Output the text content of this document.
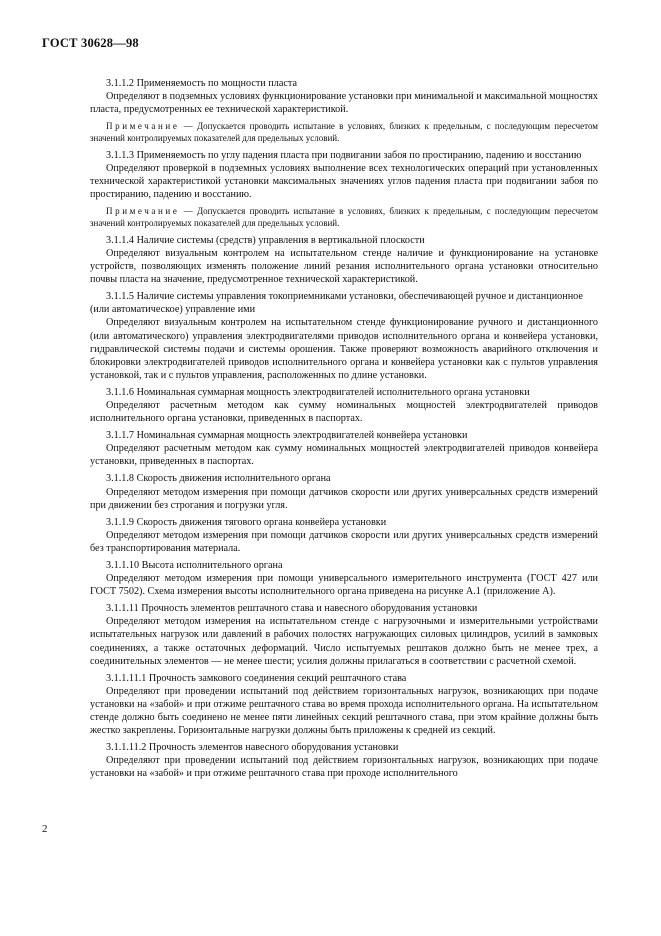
ГОСТ 30628—98

3.1.1.2 Применяемость по мощности пласта

Определяют в подземных условиях функционирование установки при минимальной и максимальной мощностях пласта, предусмотренных ее технической характеристикой.

Примечание — Допускается проводить испытание в условиях, близких к предельным, с последующим пересчетом значений контролируемых показателей для предельных условий.

3.1.1.3 Применяемость по углу падения пласта при подвигании забоя по простиранию, падению и восстанию

Определяют проверкой в подземных условиях выполнение всех технологических операций при установленных технической характеристикой установки максимальных значениях углов падения пласта при подвигании забоя по простиранию, падению и восстанию.

Примечание — Допускается проводить испытание в условиях, близких к предельным, с последующим пересчетом значений контролируемых показателей для предельных условий.

3.1.1.4 Наличие системы (средств) управления в вертикальной плоскости

Определяют визуальным контролем на испытательном стенде наличие и функционирование на установке устройств, позволяющих изменять положение линий резания исполнительного органа установки относительно почвы пласта на значение, предусмотренное технической характеристикой.

3.1.1.5 Наличие системы управления токоприемниками установки, обеспечивающей ручное и дистанционное (или автоматическое) управление ими

Определяют визуальным контролем на испытательном стенде функционирование ручного и дистанционного (или автоматического) управления электродвигателями приводов исполнительного органа и конвейера установки, гидравлической системы подачи и системы орошения. Также проверяют возможность аварийного отключения и блокировки электродвигателей приводов исполнительного органа и конвейера установки как с пультов управления установкой, так и с пультов управления, расположенных по длине установки.

3.1.1.6 Номинальная суммарная мощность электродвигателей исполнительного органа установки

Определяют расчетным методом как сумму номинальных мощностей электродвигателей приводов исполнительного органа установки, приведенных в паспортах.

3.1.1.7 Номинальная суммарная мощность электродвигателей конвейера установки

Определяют расчетным методом как сумму номинальных мощностей электродвигателей приводов конвейера установки, приведенных в паспортах.

3.1.1.8 Скорость движения исполнительного органа

Определяют методом измерения при помощи датчиков скорости или других универсальных средств измерений при движении без строгания и погрузки угля.

3.1.1.9 Скорость движения тягового органа конвейера установки

Определяют методом измерения при помощи датчиков скорости или других универсальных средств измерений без транспортирования материала.

3.1.1.10 Высота исполнительного органа

Определяют методом измерения при помощи универсального измерительного инструмента (ГОСТ 427 или ГОСТ 7502). Схема измерения высоты исполнительного органа приведена на рисунке А.1 (приложение А).

3.1.1.11 Прочность элементов рештачного става и навесного оборудования установки

Определяют методом измерения на испытательном стенде с нагрузочными и измерительными устройствами испытательных нагрузок или давлений в рабочих полостях нагружающих силовых цилиндров, усилий в замковых соединениях, а также остаточных деформаций. Число испытуемых рештаков должно быть не менее трех, а соединительных элементов — не менее шести; усилия должны прилагаться в соответствии с расчетной схемой.

3.1.1.11.1 Прочность замкового соединения секций рештачного става

Определяют при проведении испытаний под действием горизонтальных нагрузок, возникающих при подаче установки на «забой» и при отжиме рештачного става во время прохода исполнительного органа. На испытательном стенде должно быть соединено не менее пяти линейных секций рештачного става, при этом крайние должны быть жестко закреплены. Горизонтальные нагрузки должны быть приложены к средней из секций.

3.1.1.11.2 Прочность элементов навесного оборудования установки

Определяют при проведении испытаний под действием горизонтальных нагрузок, возникающих при подаче установки на «забой» и при отжиме рештачного става при проходе исполнительного

2
